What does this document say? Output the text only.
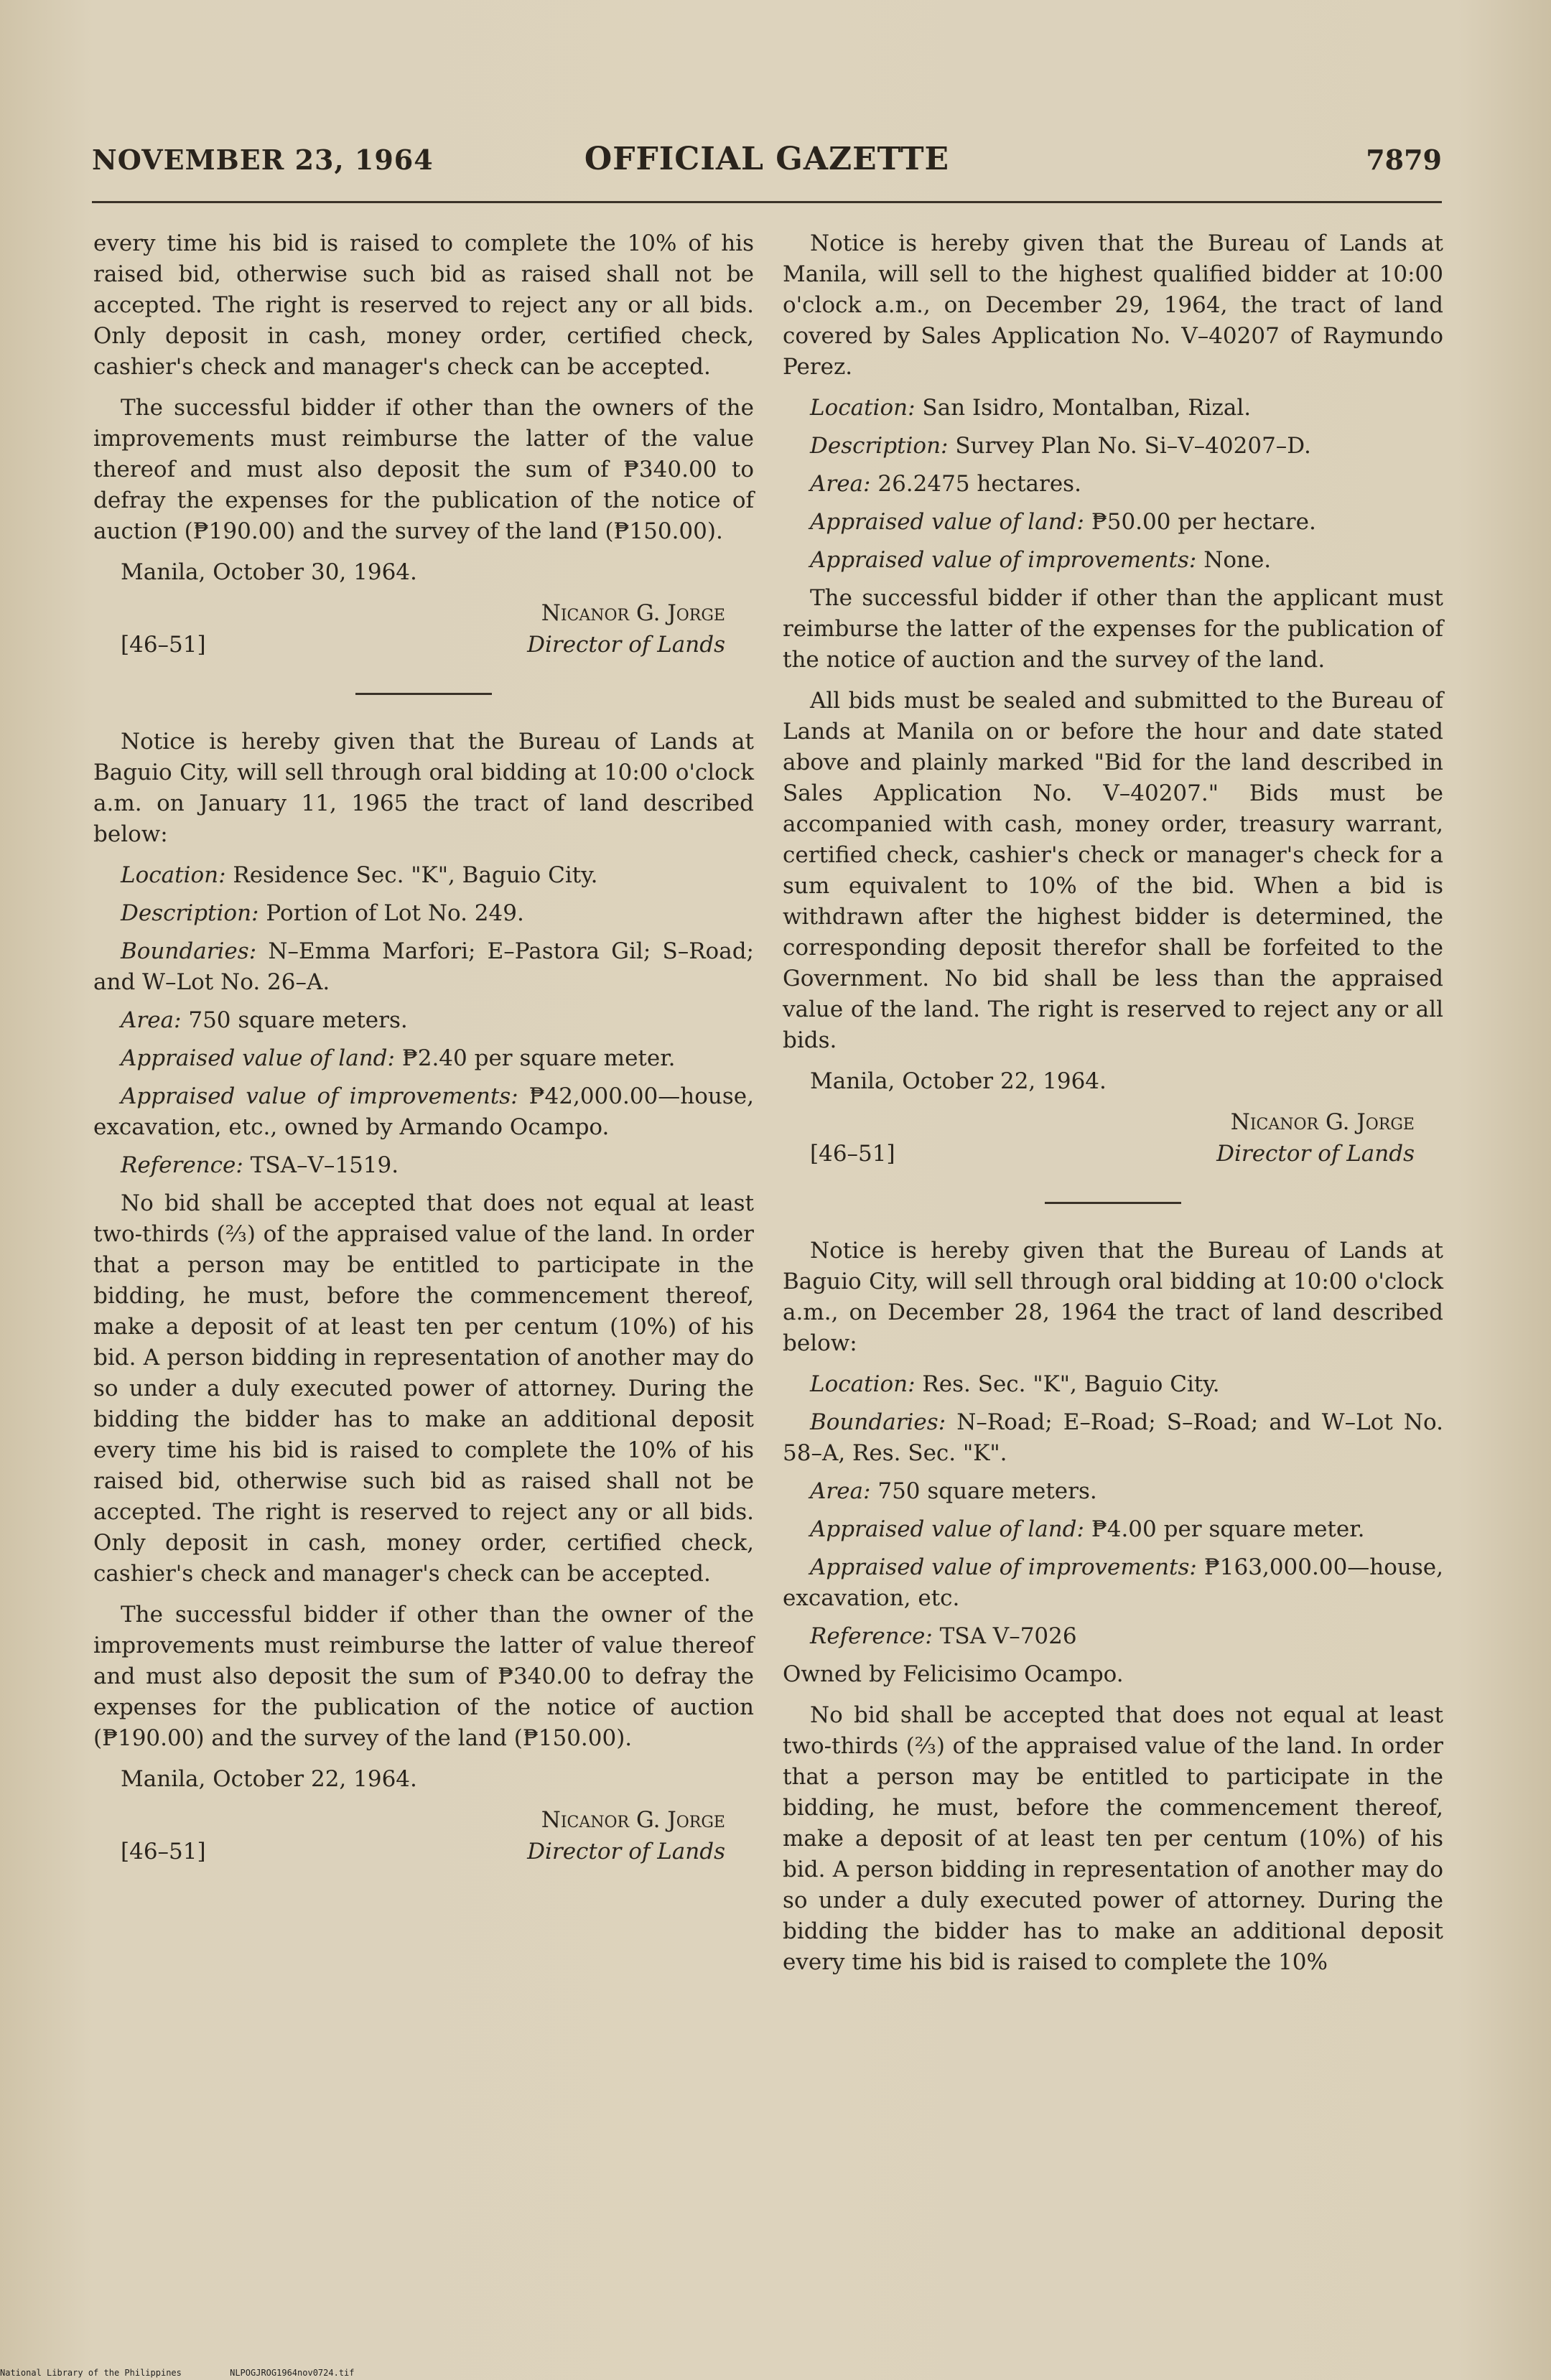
NOVEMBER 23, 1964	OFFICIAL GAZETTE	7879

every time his bid is raised to complete the 10% of his raised bid, otherwise such bid as raised shall not be accepted. The right is reserved to reject any or all bids. Only deposit in cash, money order, certified check, cashier's check and manager's check can be accepted.

The successful bidder if other than the owners of the improvements must reimburse the latter of the value thereof and must also deposit the sum of ₱340.00 to defray the expenses for the publication of the notice of auction (₱190.00) and the survey of the land (₱150.00).

Manila, October 30, 1964.
Nicanor G. Jorge
[46–51]	Director of Lands

Notice is hereby given that the Bureau of Lands at Baguio City, will sell through oral bidding at 10:00 o'clock a.m. on January 11, 1965 the tract of land described below:

Location: Residence Sec. "K", Baguio City.
Description: Portion of Lot No. 249.
Boundaries: N–Emma Marfori; E–Pastora Gil; S–Road; and W–Lot No. 26–A.
Area: 750 square meters.
Appraised value of land: ₱2.40 per square meter.
Appraised value of improvements: ₱42,000.00—house, excavation, etc., owned by Armando Ocampo.
Reference: TSA–V–1519.

No bid shall be accepted that does not equal at least two-thirds (⅔) of the appraised value of the land. In order that a person may be entitled to participate in the bidding, he must, before the commencement thereof, make a deposit of at least ten per centum (10%) of his bid. A person bidding in representation of another may do so under a duly executed power of attorney. During the bidding the bidder has to make an additional deposit every time his bid is raised to complete the 10% of his raised bid, otherwise such bid as raised shall not be accepted. The right is reserved to reject any or all bids. Only deposit in cash, money order, certified check, cashier's check and manager's check can be accepted.

The successful bidder if other than the owner of the improvements must reimburse the latter of value thereof and must also deposit the sum of ₱340.00 to defray the expenses for the publication of the notice of auction (₱190.00) and the survey of the land (₱150.00).

Manila, October 22, 1964.
Nicanor G. Jorge
[46–51]	Director of Lands

Notice is hereby given that the Bureau of Lands at Manila, will sell to the highest qualified bidder at 10:00 o'clock a.m., on December 29, 1964, the tract of land covered by Sales Application No. V–40207 of Raymundo Perez.

Location: San Isidro, Montalban, Rizal.
Description: Survey Plan No. Si–V–40207–D.
Area: 26.2475 hectares.
Appraised value of land: ₱50.00 per hectare.
Appraised value of improvements: None.

The successful bidder if other than the applicant must reimburse the latter of the expenses for the publication of the notice of auction and the survey of the land.

All bids must be sealed and submitted to the Bureau of Lands at Manila on or before the hour and date stated above and plainly marked "Bid for the land described in Sales Application No. V–40207." Bids must be accompanied with cash, money order, treasury warrant, certified check, cashier's check or manager's check for a sum equivalent to 10% of the bid. When a bid is withdrawn after the highest bidder is determined, the corresponding deposit therefor shall be forfeited to the Government. No bid shall be less than the appraised value of the land. The right is reserved to reject any or all bids.

Manila, October 22, 1964.
Nicanor G. Jorge
[46–51]	Director of Lands

Notice is hereby given that the Bureau of Lands at Baguio City, will sell through oral bidding at 10:00 o'clock a.m., on December 28, 1964 the tract of land described below:

Location: Res. Sec. "K", Baguio City.
Boundaries: N–Road; E–Road; S–Road; and W–Lot No. 58–A, Res. Sec. "K".
Area: 750 square meters.
Appraised value of land: ₱4.00 per square meter.
Appraised value of improvements: ₱163,000.00—house, excavation, etc.
Reference: TSA V–7026

Owned by Felicisimo Ocampo.

No bid shall be accepted that does not equal at least two-thirds (⅔) of the appraised value of the land. In order that a person may be entitled to participate in the bidding, he must, before the commencement thereof, make a deposit of at least ten per centum (10%) of his bid. A person bidding in representation of another may do so under a duly executed power of attorney. During the bidding the bidder has to make an additional deposit every time his bid is raised to complete the 10%

National Library of the Philippines	NLPOGJROG1964nov0724.tif
